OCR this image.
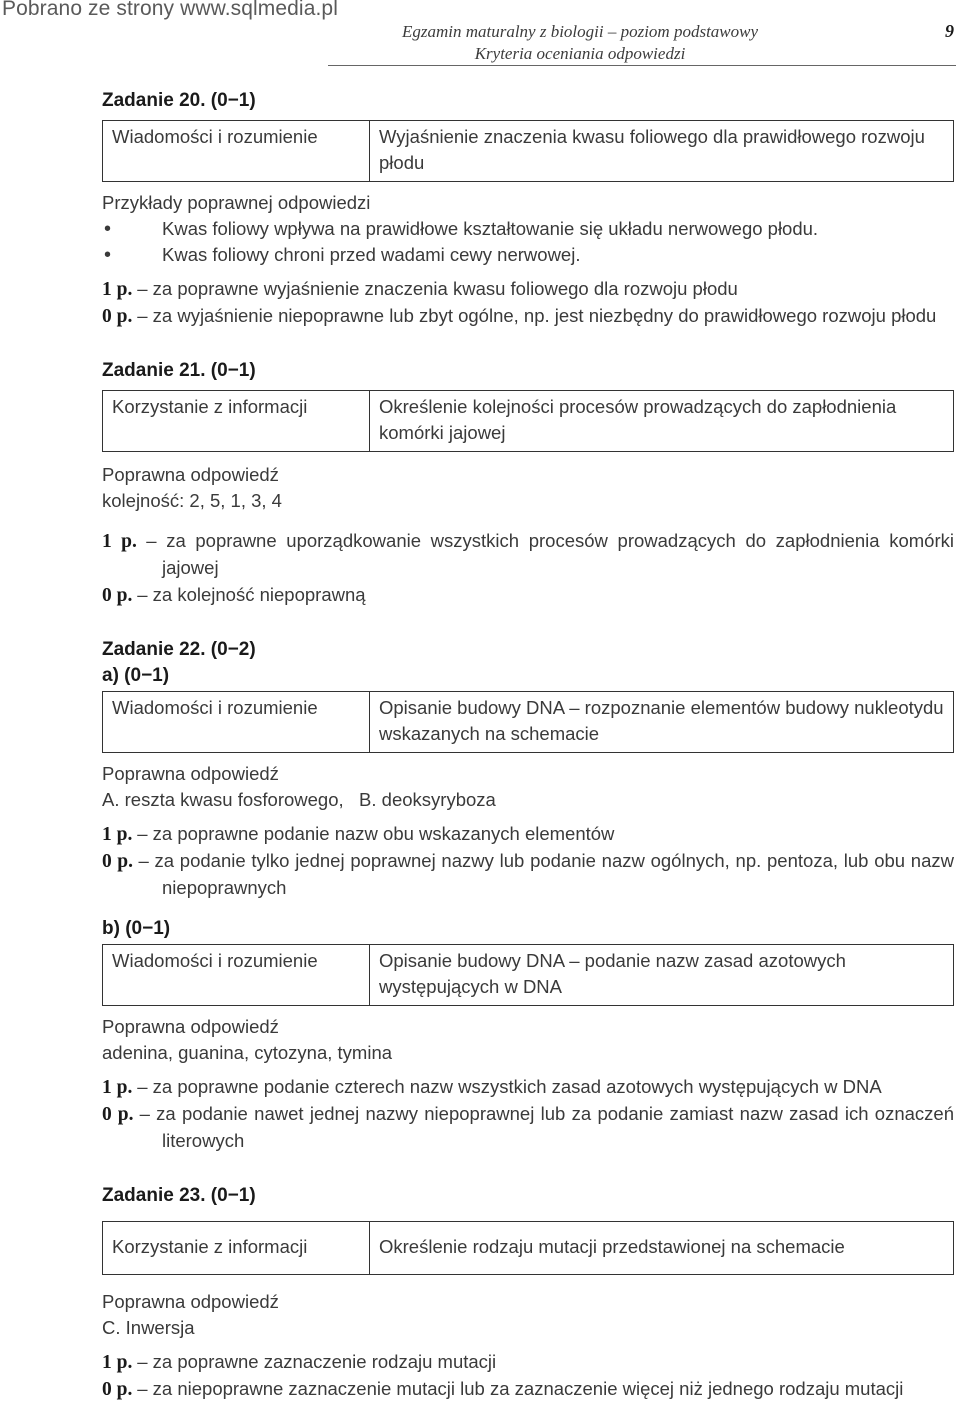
Pobrano ze strony www.sqlmedia.pl
Egzamin maturalny z biologii – poziom podstawowy
Kryteria oceniania odpowiedzi
9

Zadanie 20. (0−1)

Wiadomości i rozumienie	Wyjaśnienie znaczenia kwasu foliowego dla prawidłowego rozwoju płodu
Przykłady poprawnej odpowiedzi
• Kwas foliowy wpływa na prawidłowe kształtowanie się układu nerwowego płodu.
• Kwas foliowy chroni przed wadami cewy nerwowej.
1 p. – za poprawne wyjaśnienie znaczenia kwasu foliowego dla rozwoju płodu
0 p. – za wyjaśnienie niepoprawne lub zbyt ogólne, np. jest niezbędny do prawidłowego rozwoju płodu

Zadanie 21. (0−1)

Korzystanie z informacji	Określenie kolejności procesów prowadzących do zapłodnienia komórki jajowej
Poprawna odpowiedź
kolejność: 2, 5, 1, 3, 4
1 p. – za poprawne uporządkowanie wszystkich procesów prowadzących do zapłodnienia komórki jajowej
0 p. – za kolejność niepoprawną

Zadanie 22. (0−2)

a) (0−1)

Wiadomości i rozumienie	Opisanie budowy DNA – rozpoznanie elementów budowy nukleotydu wskazanych na schemacie
Poprawna odpowiedź
A. reszta kwasu fosforowego,   B. deoksyryboza
1 p. – za poprawne podanie nazw obu wskazanych elementów
0 p. – za podanie tylko jednej poprawnej nazwy lub podanie nazw ogólnych, np. pentoza, lub obu nazw niepoprawnych

b) (0−1)

Wiadomości i rozumienie	Opisanie budowy DNA – podanie nazw zasad azotowych występujących w DNA
Poprawna odpowiedź
adenina, guanina, cytozyna, tymina
1 p. – za poprawne podanie czterech nazw wszystkich zasad azotowych występujących w DNA
0 p. – za podanie nawet jednej nazwy niepoprawnej lub za podanie zamiast nazw zasad ich oznaczeń literowych

Zadanie 23. (0−1)

Korzystanie z informacji	Określenie rodzaju mutacji przedstawionej na schemacie
Poprawna odpowiedź
C. Inwersja
1 p. – za poprawne zaznaczenie rodzaju mutacji
0 p. – za niepoprawne zaznaczenie mutacji lub za zaznaczenie więcej niż jednego rodzaju mutacji
